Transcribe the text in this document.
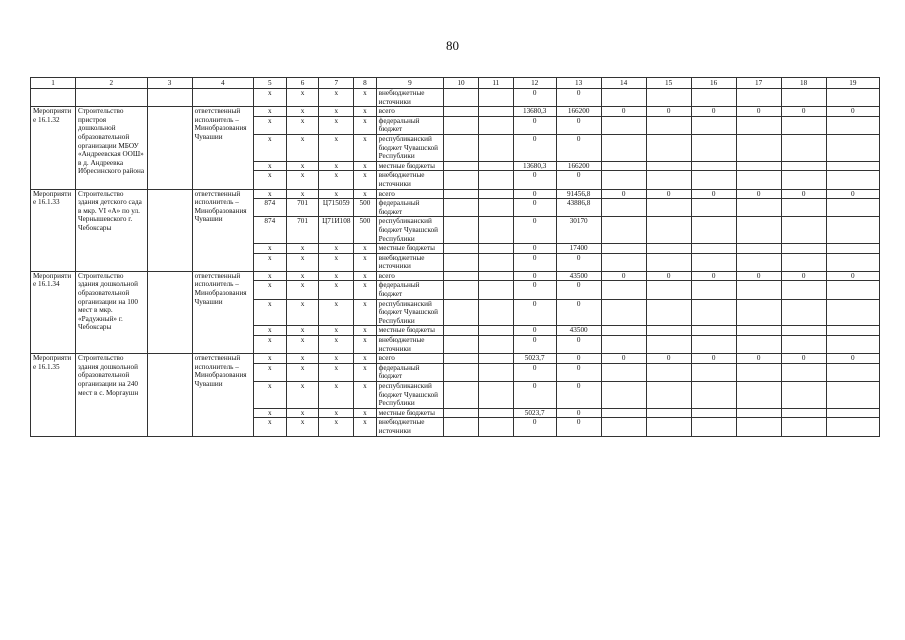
80
1	2	3	4	5	6	7	8	9	10	11	12	13	14	15	16	17	18	19
				x	x	x	x	внебюджетные источники			0	0						
Мероприятие 16.1.32	Строительство пристроя дошкольной образовательной организации МБОУ «Андреевская ООШ» в д. Андреевка Ибресинского района		ответственный исполнитель – Минобразования Чувашии	x	x	x	x	всего			13680,3	166200	0	0	0	0	0	0
				x	x	x	x	федеральный бюджет			0	0						
				x	x	x	x	республиканский бюджет Чувашской Республики			0	0						
				x	x	x	x	местные бюджеты			13680,3	166200						
				x	x	x	x	внебюджетные источники			0	0						
Мероприятие 16.1.33	Строительство здания детского сада в мкр. VI «А» по ул. Чернышевского г. Чебоксары		ответственный исполнитель – Минобразования Чувашии	x	x	x	x	всего			0	91456,8	0	0	0	0	0	0
				874	701	Ц715059	500	федеральный бюджет			0	43886,8						
				874	701	Ц71И108	500	республиканский бюджет Чувашской Республики			0	30170						
				x	x	x	x	местные бюджеты			0	17400						
				x	x	x	x	внебюджетные источники			0	0						
Мероприятие 16.1.34	Строительство здания дошкольной образовательной организации на 100 мест в мкр. «Радужный» г. Чебоксары		ответственный исполнитель – Минобразования Чувашии	x	x	x	x	всего			0	43500	0	0	0	0	0	0
				x	x	x	x	федеральный бюджет			0	0						
				x	x	x	x	республиканский бюджет Чувашской Республики			0	0						
				x	x	x	x	местные бюджеты			0	43500						
				x	x	x	x	внебюджетные источники			0	0						
Мероприятие 16.1.35	Строительство здания дошкольной образовательной организации на 240 мест в с. Моргаушн		ответственный исполнитель – Минобразования Чувашии	x	x	x	x	всего			5023,7	0	0	0	0	0	0	0
				x	x	x	x	федеральный бюджет			0	0						
				x	x	x	x	республиканский бюджет Чувашской Республики			0	0						
				x	x	x	x	местные бюджеты			5023,7	0						
				x	x	x	x	внебюджетные источники			0	0						
